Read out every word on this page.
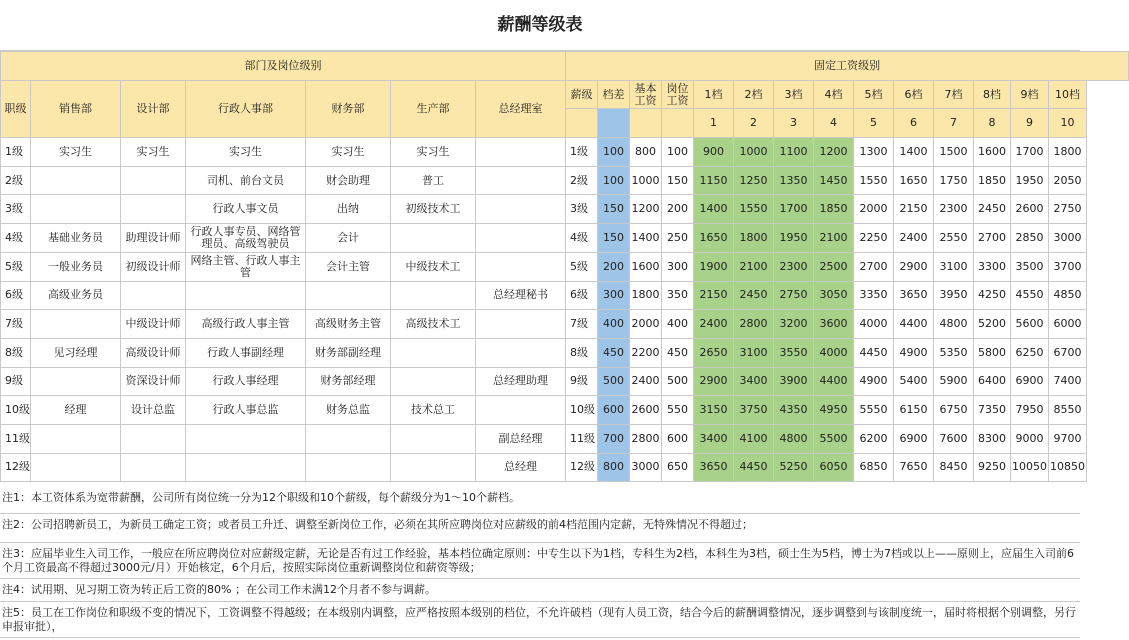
薪酬等级表
部门及岗位级别							固定工资级别													
职级	销售部	设计部	行政人事部	财务部	生产部	总经理室	薪级	档差	基本工资	岗位工资	1档	2档	3档	4档	5档	6档	7档	8档	9档	10档
											1	2	3	4	5	6	7	8	9	10
1级	实习生	实习生	实习生	实习生	实习生		1级	100	800	100	900	1000	1100	1200	1300	1400	1500	1600	1700	1800
2级			司机、前台文员	财会助理	普工		2级	100	1000	150	1150	1250	1350	1450	1550	1650	1750	1850	1950	2050
3级			行政人事文员	出纳	初级技术工		3级	150	1200	200	1400	1550	1700	1850	2000	2150	2300	2450	2600	2750
4级	基础业务员	助理设计师	行政人事专员、网络管理员、高级驾驶员	会计			4级	150	1400	250	1650	1800	1950	2100	2250	2400	2550	2700	2850	3000
5级	一般业务员	初级设计师	网络主管、行政人事主管	会计主管	中级技术工		5级	200	1600	300	1900	2100	2300	2500	2700	2900	3100	3300	3500	3700
6级	高级业务员					总经理秘书	6级	300	1800	350	2150	2450	2750	3050	3350	3650	3950	4250	4550	4850
7级		中级设计师	高级行政人事主管	高级财务主管	高级技术工		7级	400	2000	400	2400	2800	3200	3600	4000	4400	4800	5200	5600	6000
8级	见习经理	高级设计师	行政人事副经理	财务部副经理			8级	450	2200	450	2650	3100	3550	4000	4450	4900	5350	5800	6250	6700
9级		资深设计师	行政人事经理	财务部经理		总经理助理	9级	500	2400	500	2900	3400	3900	4400	4900	5400	5900	6400	6900	7400
10级	经理	设计总监	行政人事总监	财务总监	技术总工		10级	600	2600	550	3150	3750	4350	4950	5550	6150	6750	7350	7950	8550
11级						副总经理	11级	700	2800	600	3400	4100	4800	5500	6200	6900	7600	8300	9000	9700
12级						总经理	12级	800	3000	650	3650	4450	5250	6050	6850	7650	8450	9250	10050	10850
注1：本工资体系为宽带薪酬，公司所有岗位统一分为12个职级和10个薪级，每个薪级分为1～10个薪档。
注2：公司招聘新员工，为新员工确定工资；或者员工升迁、调整至新岗位工作，必须在其所应聘岗位对应薪级的前4档范围内定薪，无特殊情况不得超过；
注3：应届毕业生入司工作，一般应在所应聘岗位对应薪级定薪，无论是否有过工作经验，基本档位确定原则：中专生以下为1档，专科生为2档，本科生为3档，硕士生为5档，博士为7档或以上——原则上，应届生入司前6个月工资最高不得超过3000元/月）开始核定，6个月后，按照实际岗位重新调整岗位和薪资等级；
注4：试用期、见习期工资为转正后工资的80% ；在公司工作未满12个月者不参与调薪。
注5：员工在工作岗位和职级不变的情况下，工资调整不得越级；在本级别内调整，应严格按照本级别的档位，不允许破档（现有人员工资，结合今后的薪酬调整情况，逐步调整到与该制度统一，届时将根据个别调整，另行申报审批），
